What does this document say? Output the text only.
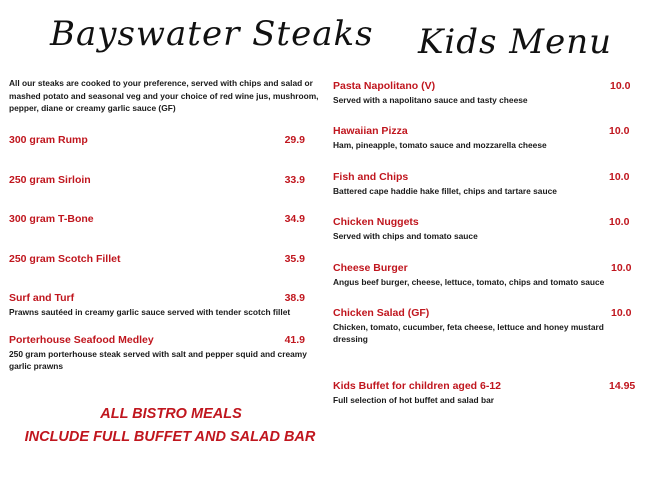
Bayswater Steaks Kids Menu
All our steaks are cooked to your preference, served with chips and salad or mashed potato and seasonal veg and your choice of red wine jus, mushroom, pepper, diane or creamy garlic sauce (GF)
300 gram Rump	29.9
250 gram Sirloin	33.9
300 gram T-Bone	34.9
250 gram Scotch Fillet	35.9
Surf and Turf	38.9
Prawns sautéed in creamy garlic sauce served with tender scotch fillet
Porterhouse Seafood Medley	41.9
250 gram porterhouse steak served with salt and pepper squid and creamy garlic prawns

ALL BISTRO MEALS

INCLUDE FULL BUFFET AND SALAD BAR

Pasta Napolitano (V)	10.0
Served with a napolitano sauce and tasty cheese
Hawaiian Pizza	10.0
Ham, pineapple, tomato sauce and mozzarella cheese
Fish and Chips	10.0
Battered cape haddie hake fillet, chips and tartare sauce
Chicken Nuggets	10.0
Served with chips and tomato sauce
Cheese Burger	10.0
Angus beef burger, cheese, lettuce, tomato, chips and tomato sauce
Chicken Salad (GF)	10.0
Chicken, tomato, cucumber, feta cheese, lettuce and honey mustard dressing
Kids Buffet for children aged 6-12	14.95
Full selection of hot buffet and salad bar
